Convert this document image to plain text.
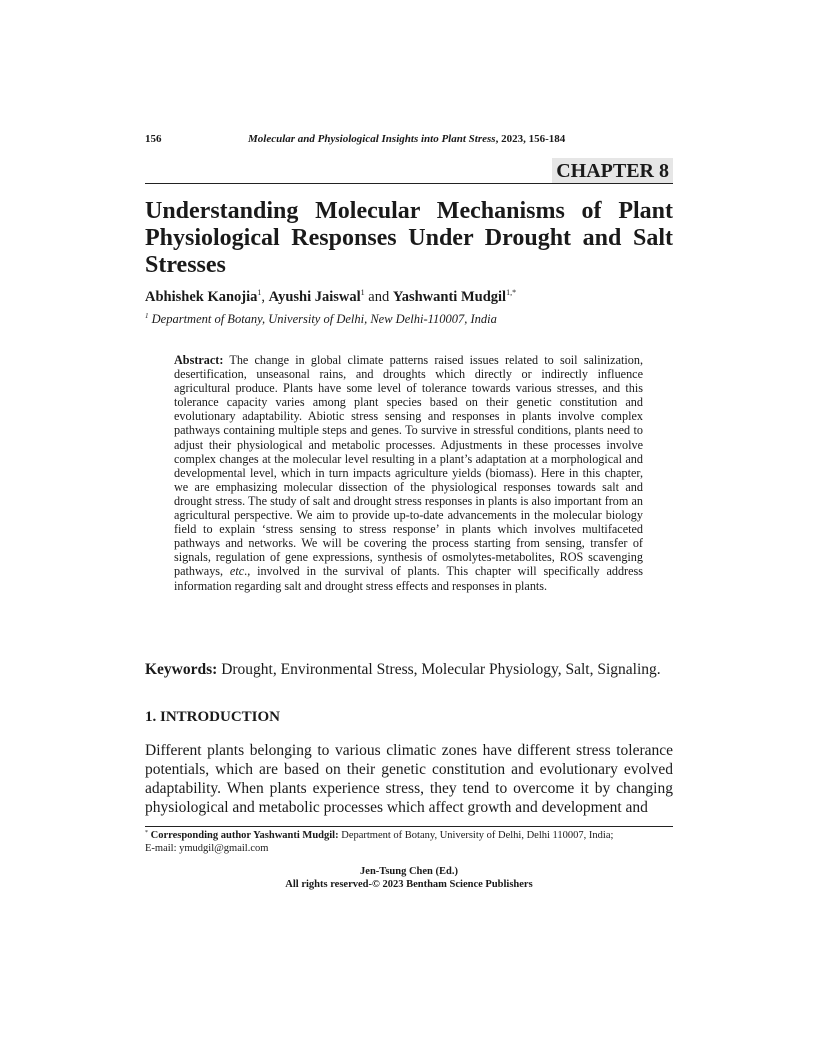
156	Molecular and Physiological Insights into Plant Stress, 2023, 156-184
CHAPTER 8
Understanding Molecular Mechanisms of Plant Physiological Responses Under Drought and Salt Stresses
Abhishek Kanojia$^1$, Ayushi Jaiswal$^1$ and Yashwanti Mudgil$^{1,*}$
$^1$ Department of Botany, University of Delhi, New Delhi-110007, India

Abstract: The change in global climate patterns raised issues related to soil salinization, desertification, unseasonal rains, and droughts which directly or indirectly influence agricultural produce. Plants have some level of tolerance towards various stresses, and this tolerance capacity varies among plant species based on their genetic constitution and evolutionary adaptability. Abiotic stress sensing and responses in plants involve complex pathways containing multiple steps and genes. To survive in stressful conditions, plants need to adjust their physiological and metabolic processes. Adjustments in these processes involve complex changes at the molecular level resulting in a plant’s adaptation at a morphological and developmental level, which in turn impacts agriculture yields (biomass). Here in this chapter, we are emphasizing molecular dissection of the physiological responses towards salt and drought stress. The study of salt and drought stress responses in plants is also important from an agricultural perspective. We aim to provide up-to-date advancements in the molecular biology field to explain ‘stress sensing to stress response’ in plants which involves multifaceted pathways and networks. We will be covering the process starting from sensing, transfer of signals, regulation of gene expressions, synthesis of osmolytes-metabolites, ROS scavenging pathways, etc., involved in the survival of plants. This chapter will specifically address information regarding salt and drought stress effects and responses in plants.

Keywords: Drought, Environmental Stress, Molecular Physiology, Salt, Signaling.

1. INTRODUCTION

Different plants belonging to various climatic zones have different stress tolerance potentials, which are based on their genetic constitution and evolutionary evolved adaptability. When plants experience stress, they tend to overcome it by changing physiological and metabolic processes which affect growth and development and

* Corresponding author Yashwanti Mudgil: Department of Botany, University of Delhi, Delhi 110007, India;
E-mail: ymudgil@gmail.com

Jen-Tsung Chen (Ed.)
All rights reserved-© 2023 Bentham Science Publishers
